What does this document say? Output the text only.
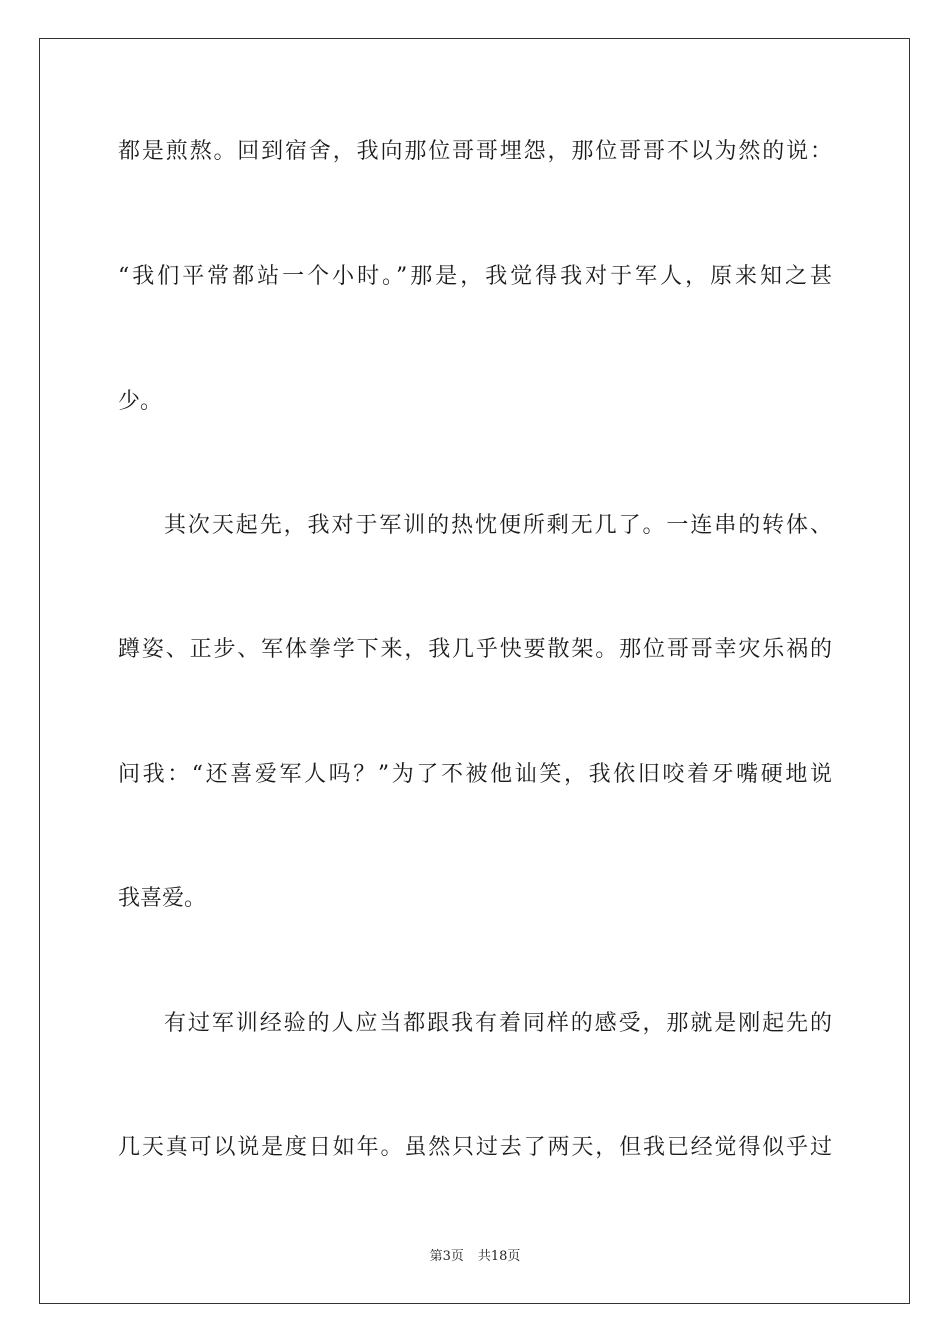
都是煎熬。回到宿舍，我向那位哥哥埋怨，那位哥哥不以为然的说：
“我们平常都站一个小时。”那是，我觉得我对于军人，原来知之甚
少。
其次天起先，我对于军训的热忱便所剩无几了。一连串的转体、
蹲姿、正步、军体拳学下来，我几乎快要散架。那位哥哥幸灾乐祸的
问我：“还喜爱军人吗？”为了不被他讪笑，我依旧咬着牙嘴硬地说
我喜爱。
有过军训经验的人应当都跟我有着同样的感受，那就是刚起先的
几天真可以说是度日如年。虽然只过去了两天，但我已经觉得似乎过
第3页 共18页
